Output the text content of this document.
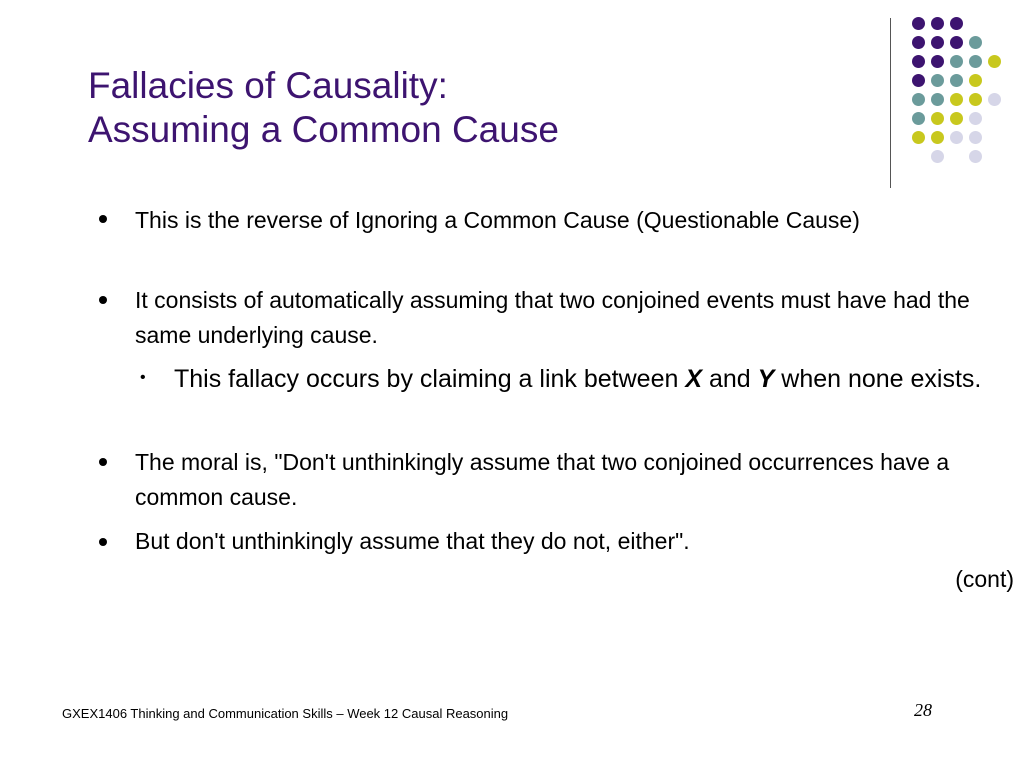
Fallacies of Causality:
Assuming a Common Cause
This is the reverse of Ignoring a Common Cause (Questionable Cause)
It consists of automatically assuming that two conjoined events must have had the same underlying cause.
• This fallacy occurs by claiming a link between X and Y when none exists.
The moral is, "Don't unthinkingly assume that two conjoined occurrences have a common cause.
But don't unthinkingly assume that they do not, either".
(cont)
GXEX1406 Thinking and Communication Skills – Week 12 Causal Reasoning	28
